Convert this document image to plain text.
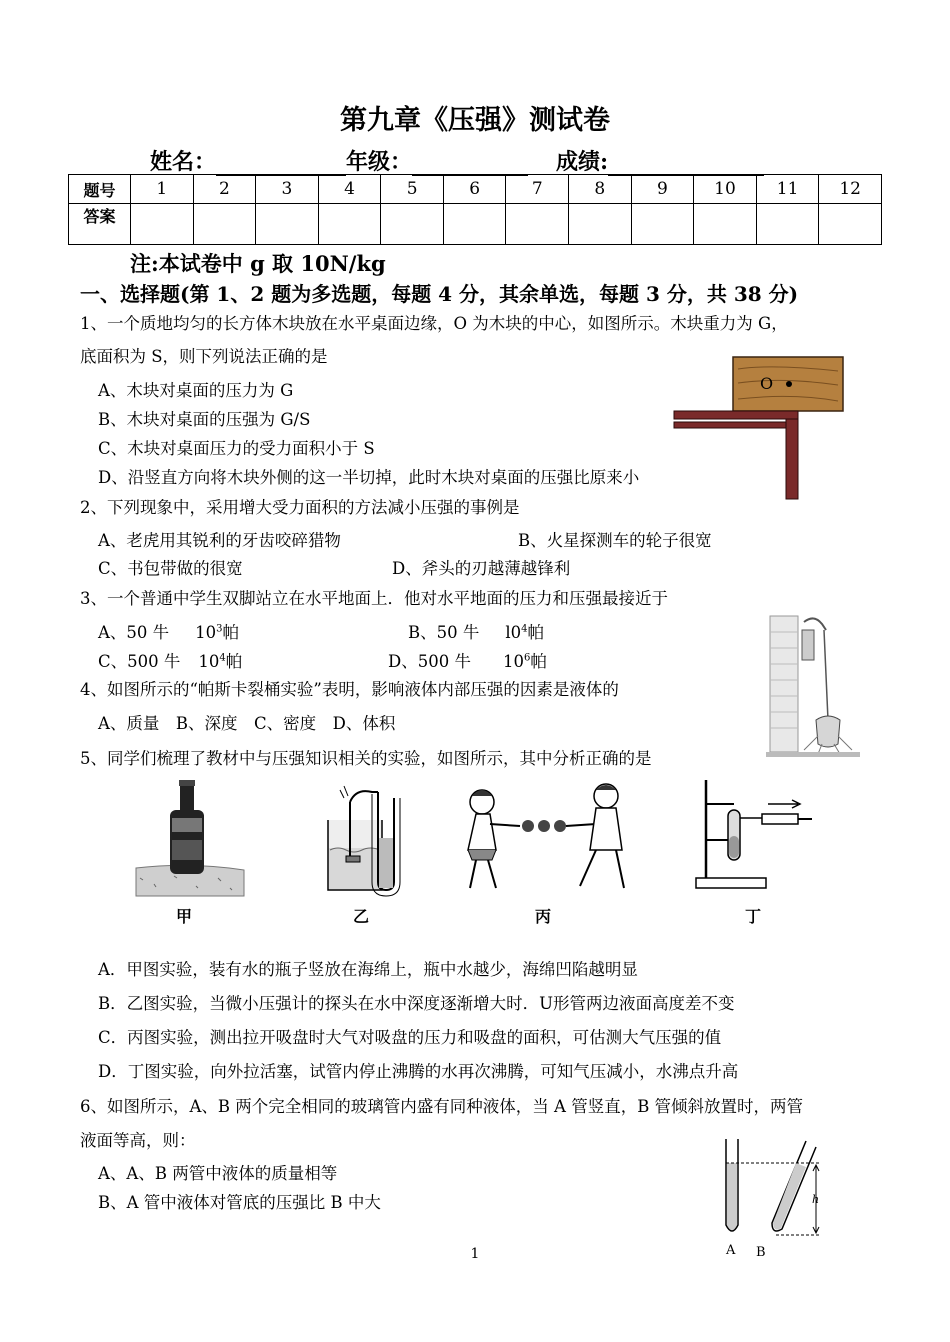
第九章《压强》测试卷
姓名：	年级：	成绩:
题号	1	2	3	4	5	6	7	8	9	10	11	12
答案												
注:本试卷中 g 取 10N/kg
一、选择题(第 1、2 题为多选题，每题 4 分，其余单选，每题 3 分，共 38 分)
1、一个质地均匀的长方体木块放在水平桌面边缘，O 为木块的中心，如图所示。木块重力为 G，
底面积为 S，则下列说法正确的是
A、木块对桌面的压力为 G
B、木块对桌面的压强为 G/S
C、木块对桌面压力的受力面积小于 S
D、沿竖直方向将木块外侧的这一半切掉，此时木块对桌面的压强比原来小
O
2、下列现象中，采用增大受力面积的方法减小压强的事例是
A、老虎用其锐利的牙齿咬碎猎物	B、火星探测车的轮子很宽
C、书包带做的很宽	D、斧头的刃越薄越锋利
3、一个普通中学生双脚站立在水平地面上．他对水平地面的压力和压强最接近于
A、50 牛 $10^3$帕	B、50 牛 $l0^4$帕
C、500 牛 $10^4$帕	D、500 牛 $10^6$帕
4、如图所示的“帕斯卡裂桶实验”表明，影响液体内部压强的因素是液体的
A、质量　B、深度　C、密度　D、体积
5、同学们梳理了教材中与压强知识相关的实验，如图所示，其中分析正确的是
甲	乙	丙	丁
A．甲图实验，装有水的瓶子竖放在海绵上，瓶中水越少，海绵凹陷越明显
B．乙图实验，当微小压强计的探头在水中深度逐渐增大时．U形管两边液面高度差不变
C．丙图实验，测出拉开吸盘时大气对吸盘的压力和吸盘的面积，可估测大气压强的值
D．丁图实验，向外拉活塞，试管内停止沸腾的水再次沸腾，可知气压减小，水沸点升高
6、如图所示，A、B 两个完全相同的玻璃管内盛有同种液体，当 A 管竖直，B 管倾斜放置时，两管
液面等高，则：
A、A、B 两管中液体的质量相等
B、A 管中液体对管底的压强比 B 中大	h
A B
1
